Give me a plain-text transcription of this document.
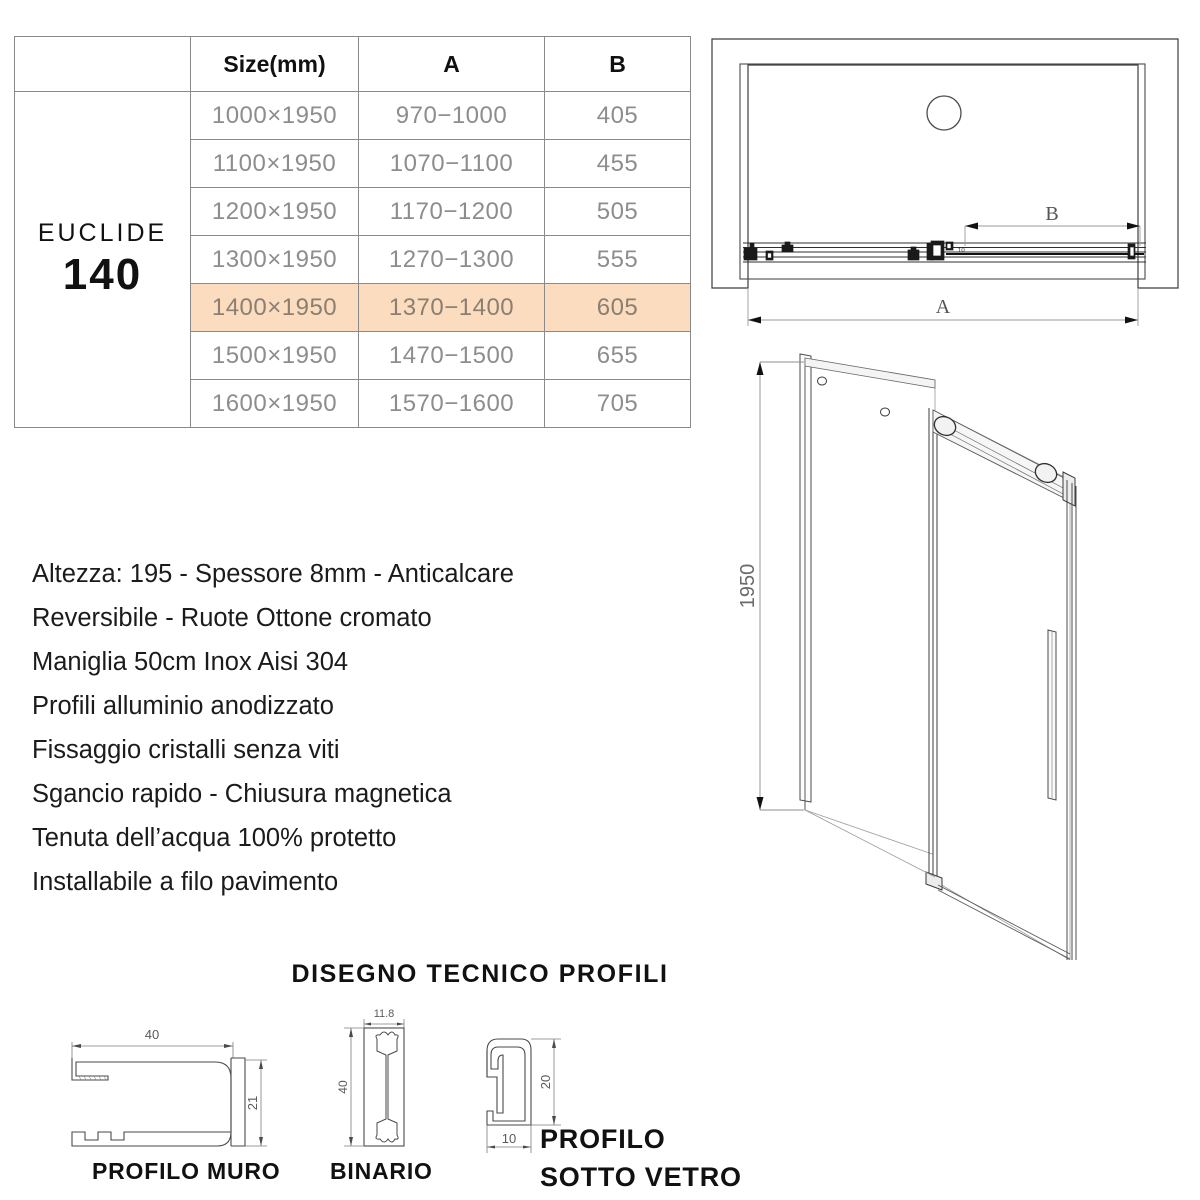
	Size(mm)	A	B

EUCLIDE
140	1000×1950	970−1000	405
	1100×1950	1070−1100	455
	1200×1950	1170−1200	505
	1300×1950	1270−1300	555
	1400×1950	1370−1400	605
	1500×1950	1470−1500	655
	1600×1950	1570−1600	705
10
B
A
1950
DISEGNO TECNICO PROFILI
40
21
11.8
40	20
10
PROFILO MURO BINARIO
PROFILO
SOTTO VETRO
Altezza: 195 - Spessore 8mm - Anticalcare
Reversibile - Ruote Ottone cromato
Maniglia 50cm Inox Aisi 304
Profili alluminio anodizzato
Fissaggio cristalli senza viti
Sgancio rapido - Chiusura magnetica
Tenuta dell’acqua 100% protetto
Installabile a filo pavimento
